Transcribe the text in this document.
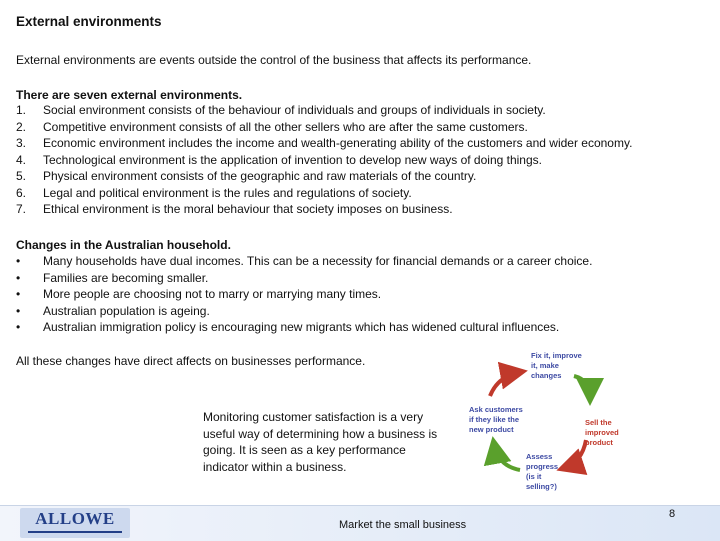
External environments
External environments are events outside the control of the business that affects its performance.
There are seven external environments.
1.	Social environment consists of the behaviour of individuals and groups of individuals in society.
2.	Competitive environment consists of all the other sellers who are after the same customers.
3.	Economic environment includes the income and wealth-generating ability of the customers and wider economy.
4.	Technological environment is the application of invention to develop new ways of doing things.
5.	Physical environment consists of the geographic and raw materials of the country.
6.	Legal and political environment is the rules and regulations of society.
7.	Ethical environment is the moral behaviour that society imposes on business.
Changes in the Australian household.
•	Many households have dual incomes. This can be a necessity for financial demands or a career choice.
•	Families are becoming smaller.
•	More people are choosing not to marry or marrying many times.
•	Australian population is ageing.
•	Australian immigration policy is encouraging new migrants which has widened cultural influences.
All these changes have direct affects on businesses performance.
Monitoring customer satisfaction is a very useful way of determining how a business is going. It is seen as a key performance indicator within a business.
Fix it, improve it, make changes
Sell the improved product
Assess progress (is it selling?)
Ask customers if they like the new product
ALLOWE	Market the small business
8
